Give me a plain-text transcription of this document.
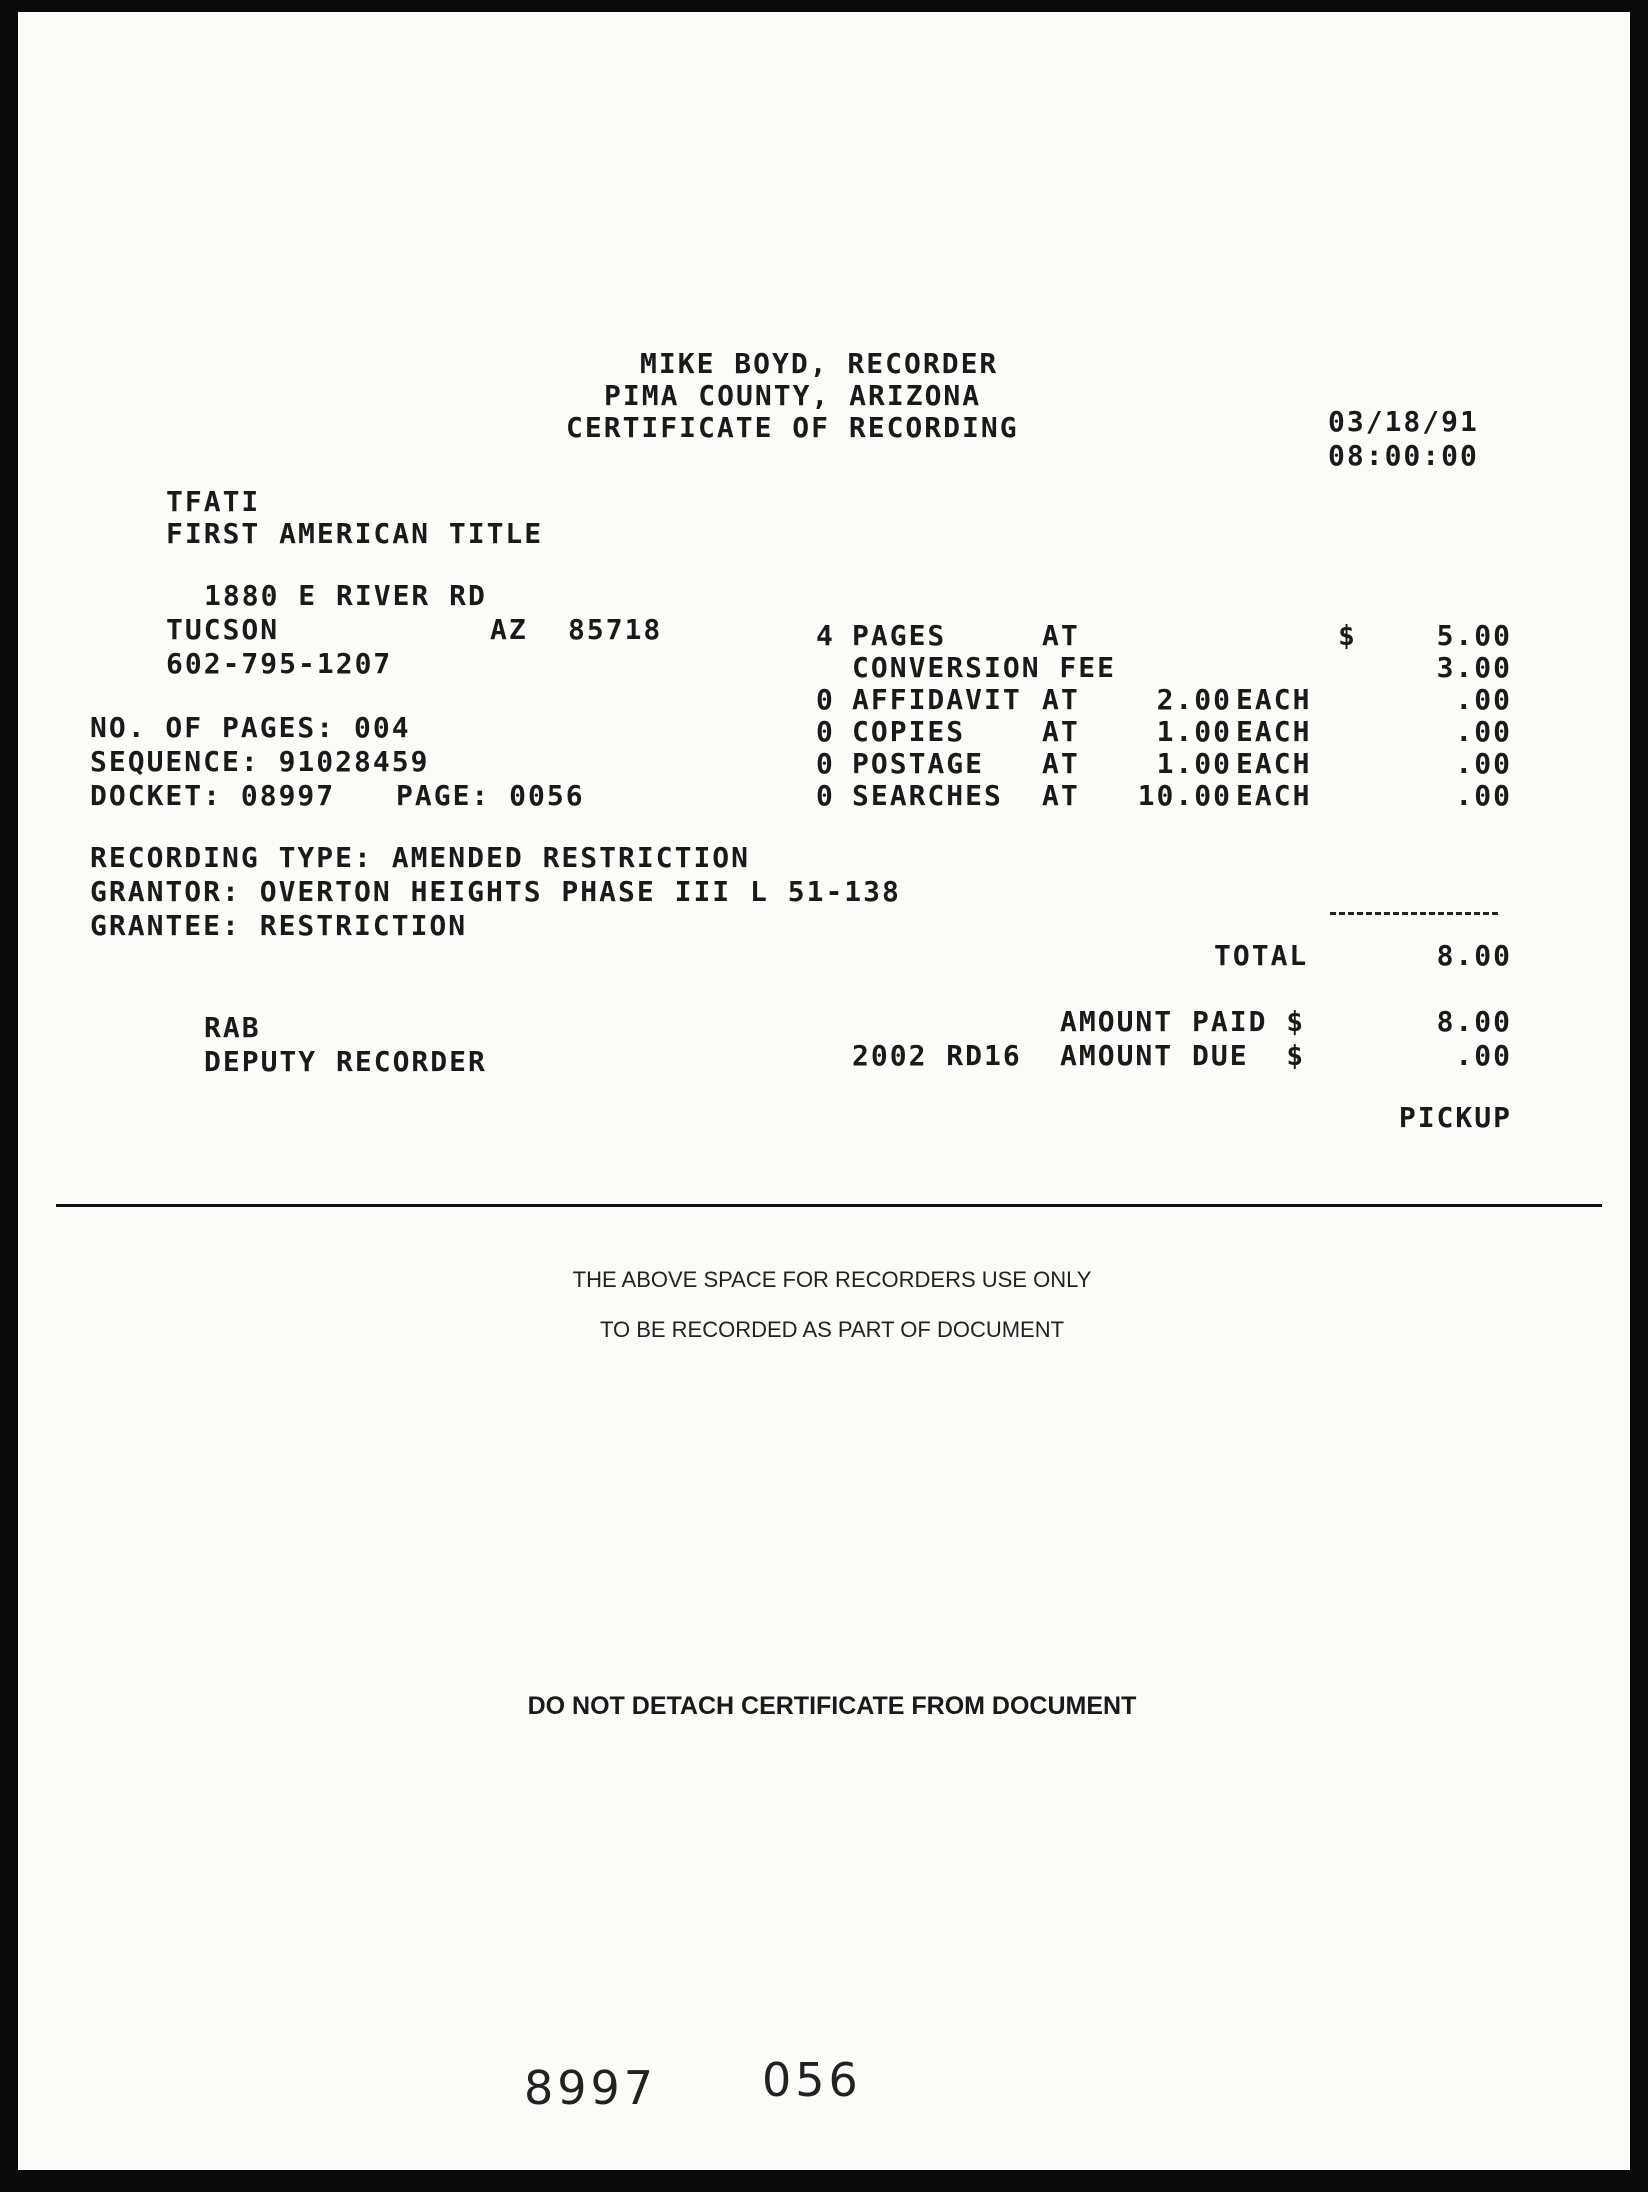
MIKE BOYD, RECORDER
PIMA COUNTY, ARIZONA
CERTIFICATE OF RECORDING	03/18/91
08:00:00
TFATI
FIRST AMERICAN TITLE
1880 E RIVER RD
TUCSON	AZ 85718
602-795-1207
NO. OF PAGES: 004
SEQUENCE: 91028459
DOCKET: 08997 PAGE: 0056
RECORDING TYPE: AMENDED RESTRICTION
GRANTOR: OVERTON HEIGHTS PHASE III L 51-138
GRANTEE: RESTRICTION
4 PAGES	AT	$	5.00
CONVERSION FEE	3.00
0 AFFIDAVIT AT	2.00 EACH	.00
0 COPIES	AT	1.00 EACH	.00
0 POSTAGE AT	1.00 EACH	.00
0 SEARCHES AT	10.00 EACH	.00
TOTAL	8.00
RAB
DEPUTY RECORDER
AMOUNT PAID $	8.00
2002 RD16 AMOUNT DUE  $	.00
PICKUP
THE ABOVE SPACE FOR RECORDERS USE ONLY
TO BE RECORDED AS PART OF DOCUMENT
DO NOT DETACH CERTIFICATE FROM DOCUMENT
8997 056
